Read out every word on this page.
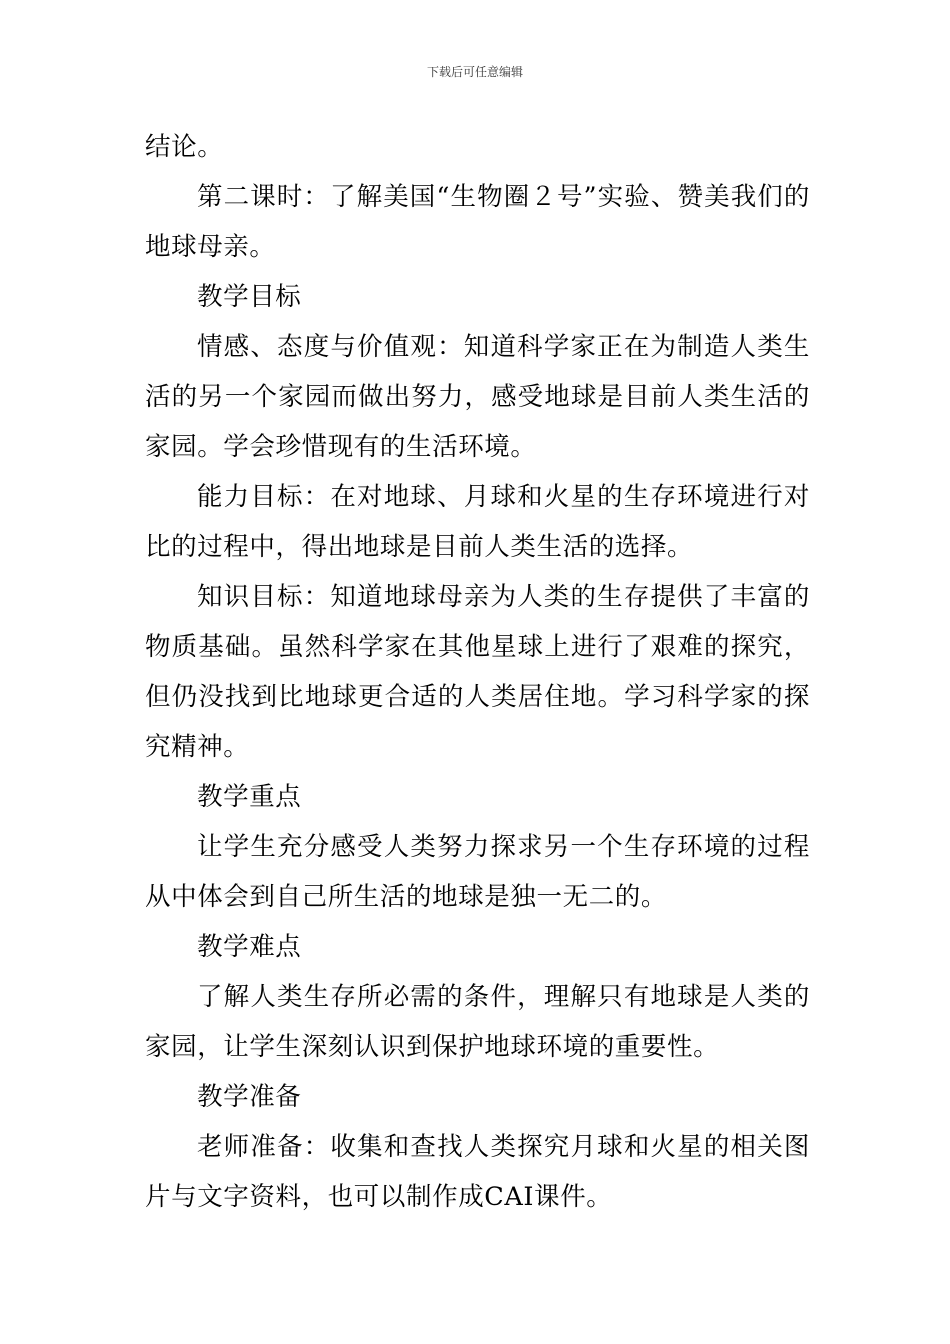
下载后可任意编辑

结论。

第二课时：了解美国“生物圈２号”实验、赞美我们的地球母亲。

教学目标

情感、态度与价值观：知道科学家正在为制造人类生活的另一个家园而做出努力，感受地球是目前人类生活的家园。学会珍惜现有的生活环境。

能力目标：在对地球、月球和火星的生存环境进行对比的过程中，得出地球是目前人类生活的选择。

知识目标：知道地球母亲为人类的生存提供了丰富的物质基础。虽然科学家在其他星球上进行了艰难的探究，但仍没找到比地球更合适的人类居住地。学习科学家的探究精神。

教学重点

让学生充分感受人类努力探求另一个生存环境的过程从中体会到自己所生活的地球是独一无二的。

教学难点

了解人类生存所必需的条件，理解只有地球是人类的家园，让学生深刻认识到保护地球环境的重要性。

教学准备

老师准备：收集和查找人类探究月球和火星的相关图片与文字资料，也可以制作成CAI课件。
